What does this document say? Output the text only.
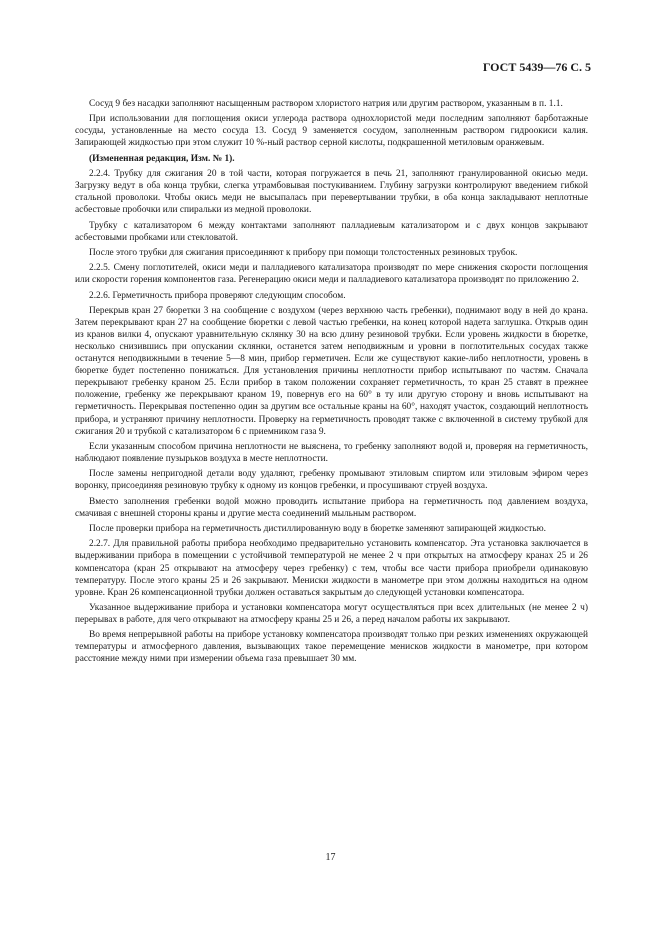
ГОСТ 5439—76 С. 5

Сосуд 9 без насадки заполняют насыщенным раствором хлористого натрия или другим раствором, указанным в п. 1.1.

При использовании для поглощения окиси углерода раствора однохлористой меди последним заполняют барботажные сосуды, установленные на место сосуда 13. Сосуд 9 заменяется сосудом, заполненным раствором гидроокиси калия. Запирающей жидкостью при этом служит 10 %-ный раствор серной кислоты, подкрашенной метиловым оранжевым.

(Измененная редакция, Изм. № 1).

2.2.4. Трубку для сжигания 20 в той части, которая погружается в печь 21, заполняют гранулированной окисью меди. Загрузку ведут в оба конца трубки, слегка утрамбовывая постукиванием. Глубину загрузки контролируют введением гибкой стальной проволоки. Чтобы окись меди не высыпалась при перевертывании трубки, в оба конца закладывают неплотные асбестовые пробочки или спиральки из медной проволоки.

Трубку с катализатором 6 между контактами заполняют палладиевым катализатором и с двух концов закрывают асбестовыми пробками или стекловатой.

После этого трубки для сжигания присоединяют к прибору при помощи толстостенных резиновых трубок.

2.2.5. Смену поглотителей, окиси меди и палладиевого катализатора производят по мере снижения скорости поглощения или скорости горения компонентов газа. Регенерацию окиси меди и палладиевого катализатора производят по приложению 2.

2.2.6. Герметичность прибора проверяют следующим способом.

Перекрыв кран 27 бюретки 3 на сообщение с воздухом (через верхнюю часть гребенки), поднимают воду в ней до крана. Затем перекрывают кран 27 на сообщение бюретки с левой частью гребенки, на конец которой надета заглушка. Открыв один из кранов вилки 4, опускают уравнительную склянку 30 на всю длину резиновой трубки. Если уровень жидкости в бюретке, несколько снизившись при опускании склянки, останется затем неподвижным и уровни в поглотительных сосудах также останутся неподвижными в течение 5—8 мин, прибор герметичен. Если же существуют какие-либо неплотности, уровень в бюретке будет постепенно понижаться. Для установления причины неплотности прибор испытывают по частям. Сначала перекрывают гребенку краном 25. Если прибор в таком положении сохраняет герметичность, то кран 25 ставят в прежнее положение, гребенку же перекрывают краном 19, повернув его на 60° в ту или другую сторону и вновь испытывают на герметичность. Перекрывая постепенно один за другим все остальные краны на 60°, находят участок, создающий неплотность прибора, и устраняют причину неплотности. Проверку на герметичность проводят также с включенной в систему трубкой для сжигания 20 и трубкой с катализатором 6 с приемником газа 9.

Если указанным способом причина неплотности не выяснена, то гребенку заполняют водой и, проверяя на герметичность, наблюдают появление пузырьков воздуха в месте неплотности.

После замены непригодной детали воду удаляют, гребенку промывают этиловым спиртом или этиловым эфиром через воронку, присоединяя резиновую трубку к одному из концов гребенки, и просушивают струей воздуха.

Вместо заполнения гребенки водой можно проводить испытание прибора на герметичность под давлением воздуха, смачивая с внешней стороны краны и другие места соединений мыльным раствором.

После проверки прибора на герметичность дистиллированную воду в бюретке заменяют запирающей жидкостью.

2.2.7. Для правильной работы прибора необходимо предварительно установить компенсатор. Эта установка заключается в выдерживании прибора в помещении с устойчивой температурой не менее 2 ч при открытых на атмосферу кранах 25 и 26 компенсатора (кран 25 открывают на атмосферу через гребенку) с тем, чтобы все части прибора приобрели одинаковую температуру. После этого краны 25 и 26 закрывают. Мениски жидкости в манометре при этом должны находиться на одном уровне. Кран 26 компенсационной трубки должен оставаться закрытым до следующей установки компенсатора.

Указанное выдерживание прибора и установки компенсатора могут осуществляться при всех длительных (не менее 2 ч) перерывах в работе, для чего открывают на атмосферу краны 25 и 26, а перед началом работы их закрывают.

Во время непрерывной работы на приборе установку компенсатора производят только при резких изменениях окружающей температуры и атмосферного давления, вызывающих такое перемещение менисков жидкости в манометре, при котором расстояние между ними при измерении объема газа превышает 30 мм.

17
